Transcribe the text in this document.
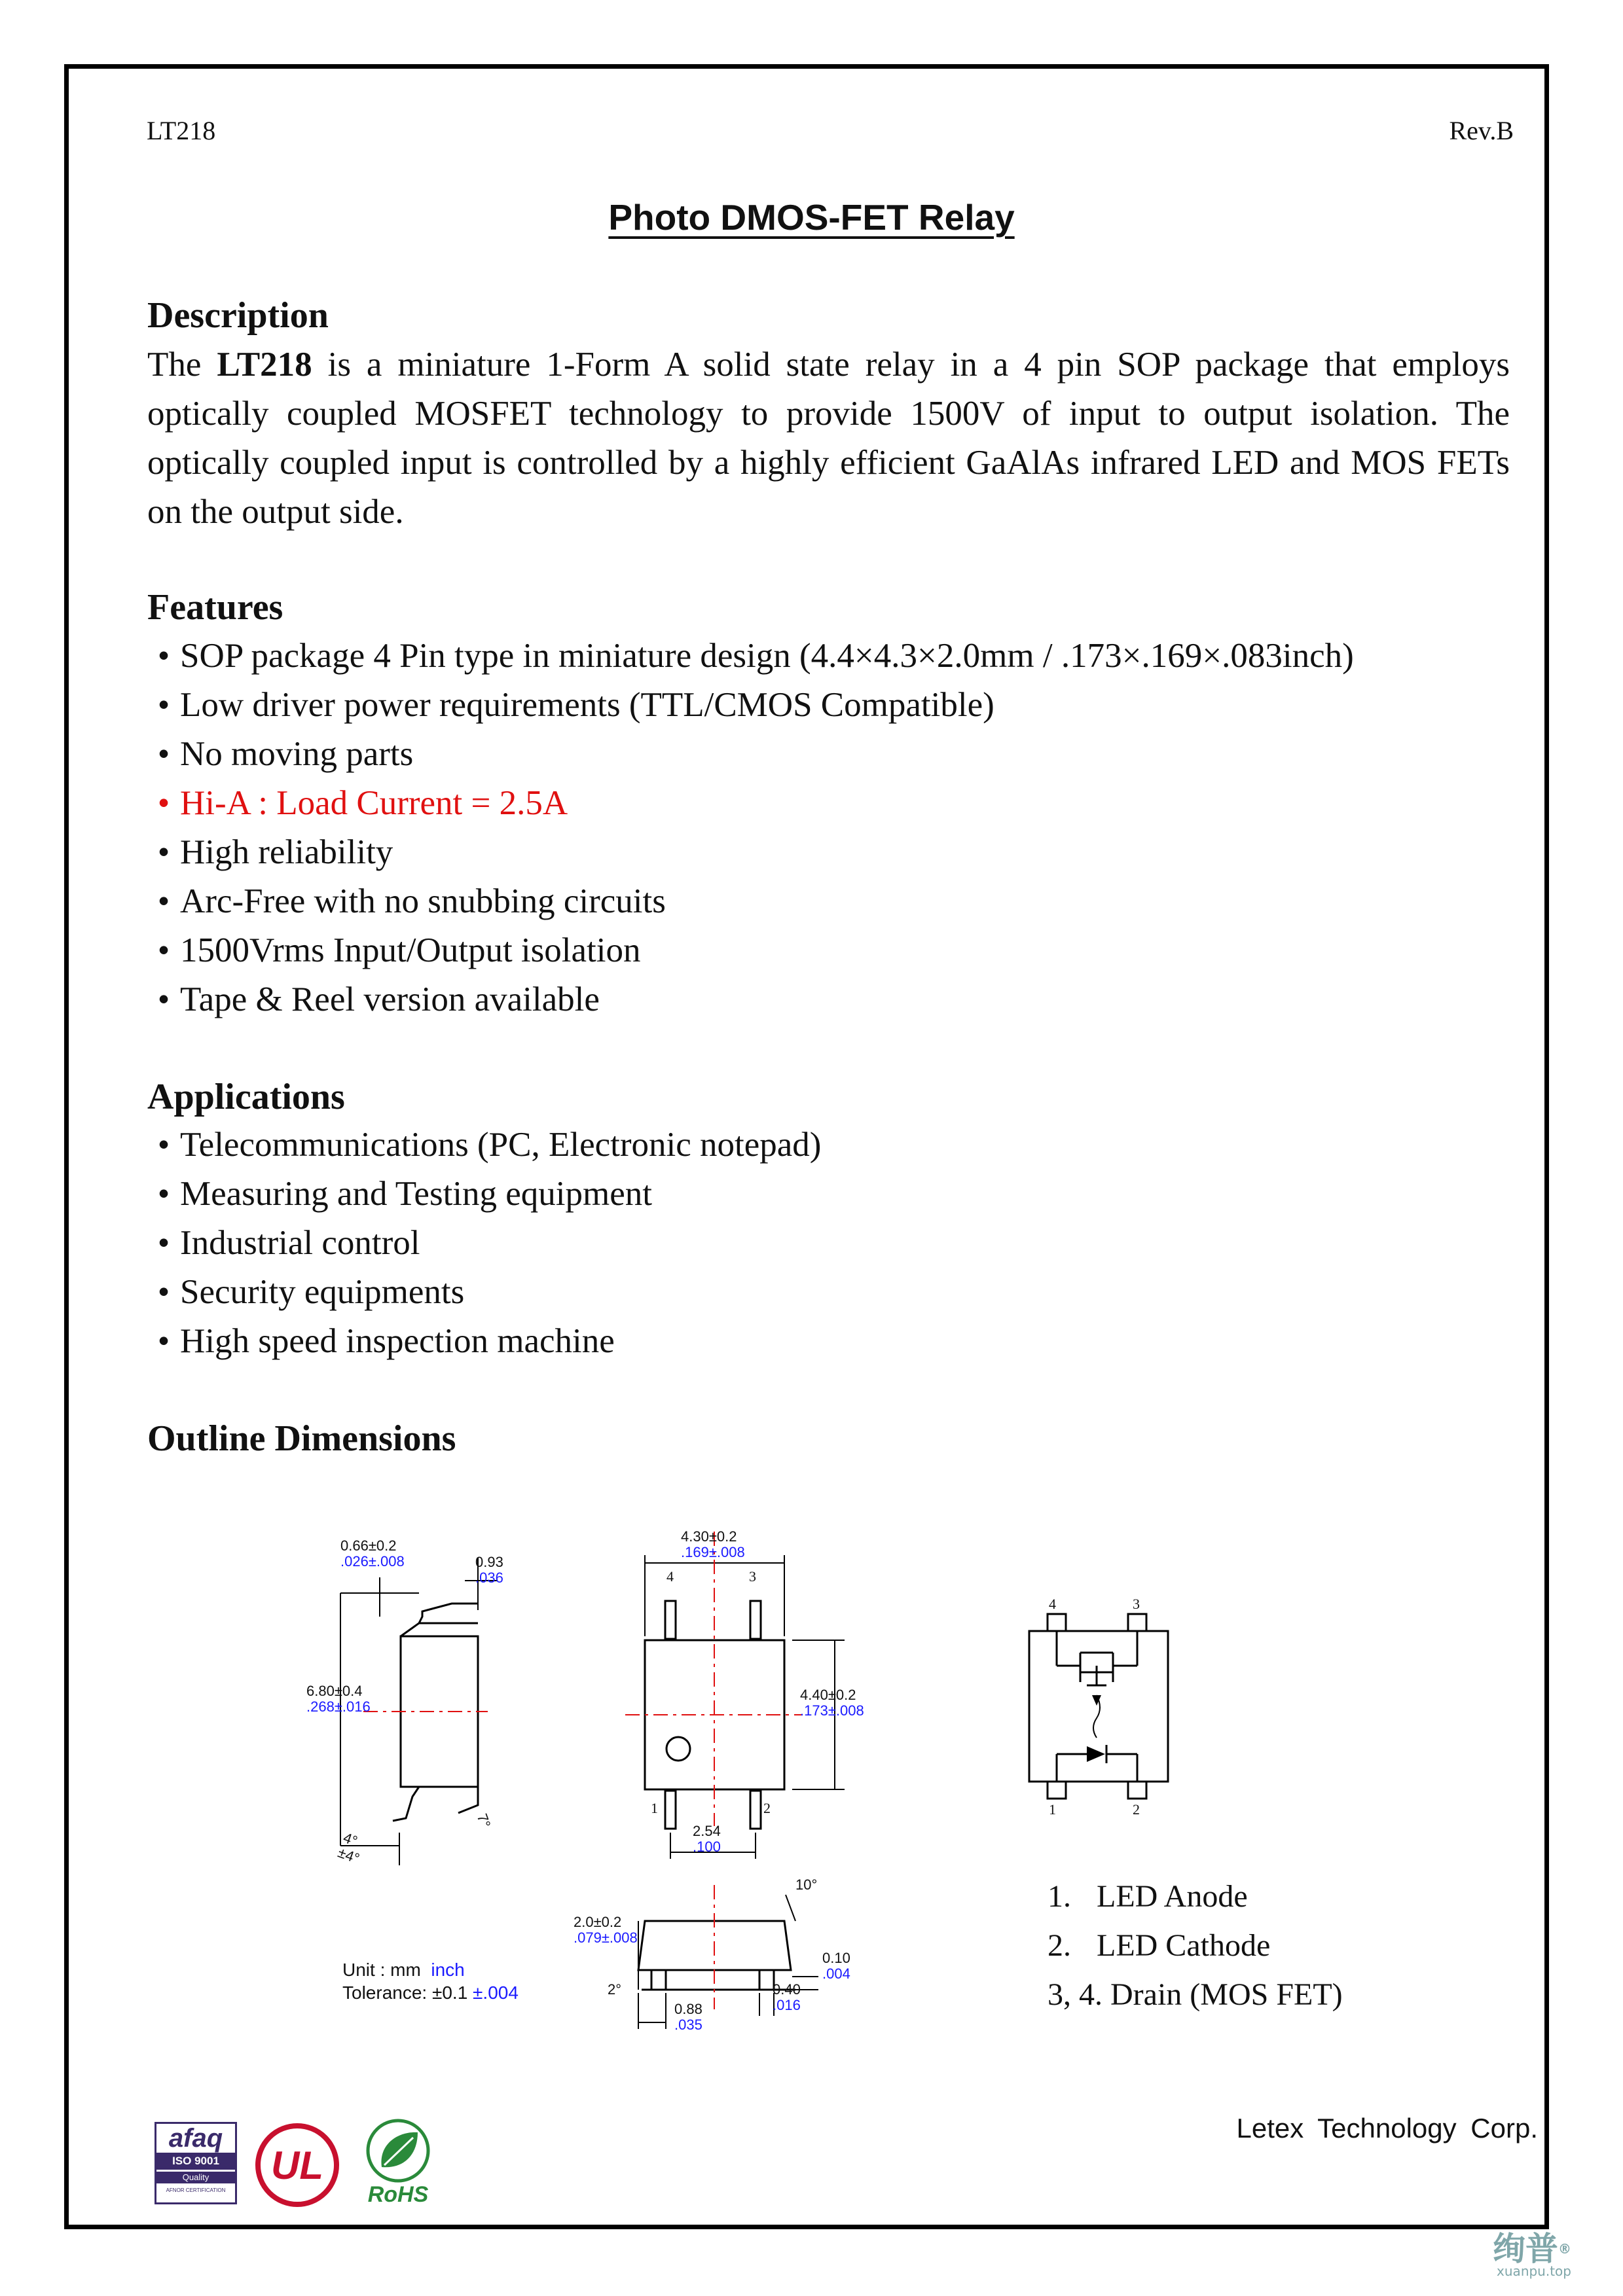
LT218	Rev.B
Photo DMOS-FET Relay
Description

The LT218 is a miniature 1-Form A solid state relay in a 4 pin SOP package that employs optically coupled MOSFET technology to provide 1500V of input to output isolation. The optically coupled input is controlled by a highly efficient GaAlAs infrared LED and MOS FETs on the output side.

Features
• SOP package 4 Pin type in miniature design (4.4×4.3×2.0mm / .173×.169×.083inch)
• Low driver power requirements (TTL/CMOS Compatible)
• No moving parts
• Hi-A : Load Current = 2.5A
• High reliability
• Arc-Free with no snubbing circuits
• 1500Vrms Input/Output isolation
• Tape & Reel version available
Applications
• Telecommunications (PC, Electronic notepad)
• Measuring and Testing equipment
• Industrial control
• Security equipments
• High speed inspection machine
Outline Dimensions
0.66±0.2
.026±.008	0.93
.036
6.80±0.4
.268±.016
4°±4°
7°
4.30±0.2
.169±.008
4.40±0.2
.173±.008
2.54
.100
2.0±0.2
.079±.008
10°
0.10
.004
2°	0.40
.016
0.88
.035
4	3
1	2
4	3
1	2
Unit : mm inch
Tolerance: ±0.1 ±.004
1. LED Anode
2. LED Cathode
3, 4. Drain (MOS FET)
Letex Technology Corp.
afaq
ISO 9001
Quality
AFNOR CERTIFICATION
UL
RoHS
绚普®
xuanpu.top
